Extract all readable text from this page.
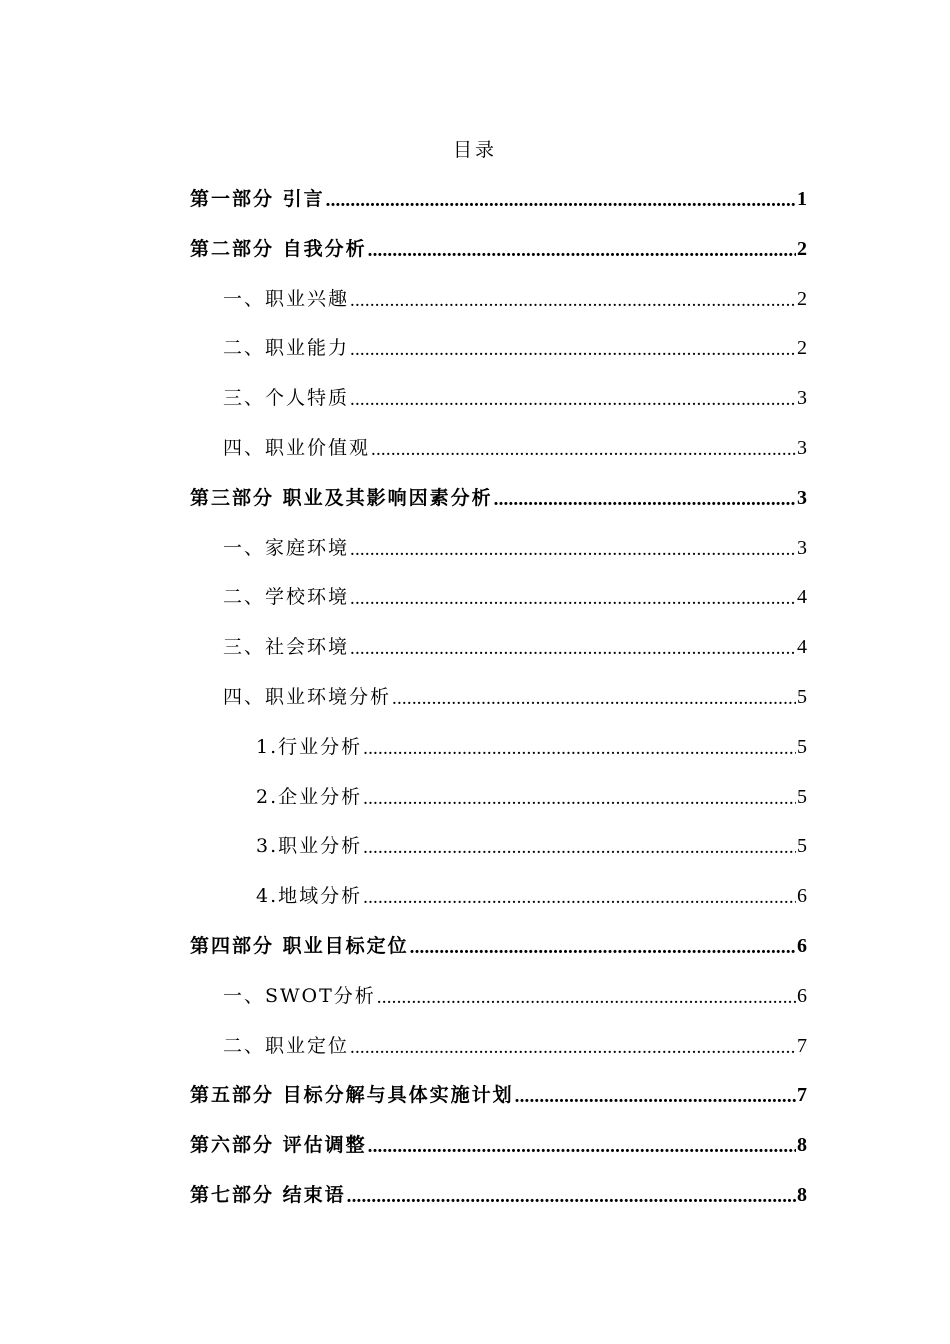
目录
第一部分 引言 .....	1
第二部分 自我分析 .....	2
一、职业兴趣 .....	2
二、职业能力 .....	2
三、个人特质 .....	3
四、职业价值观 .....	3
第三部分 职业及其影响因素分析 .....	3
一、家庭环境 .....	3
二、学校环境 .....	4
三、社会环境 .....	4
四、职业环境分析 .....	5
1.行业分析 .....	5
2.企业分析 .....	5
3.职业分析 .....	5
4.地域分析 .....	6
第四部分 职业目标定位 .....	6
一、SWOT分析 .....	6
二、职业定位 .....	7
第五部分 目标分解与具体实施计划 .....	7
第六部分 评估调整 .....	8
第七部分 结束语 .....	8
